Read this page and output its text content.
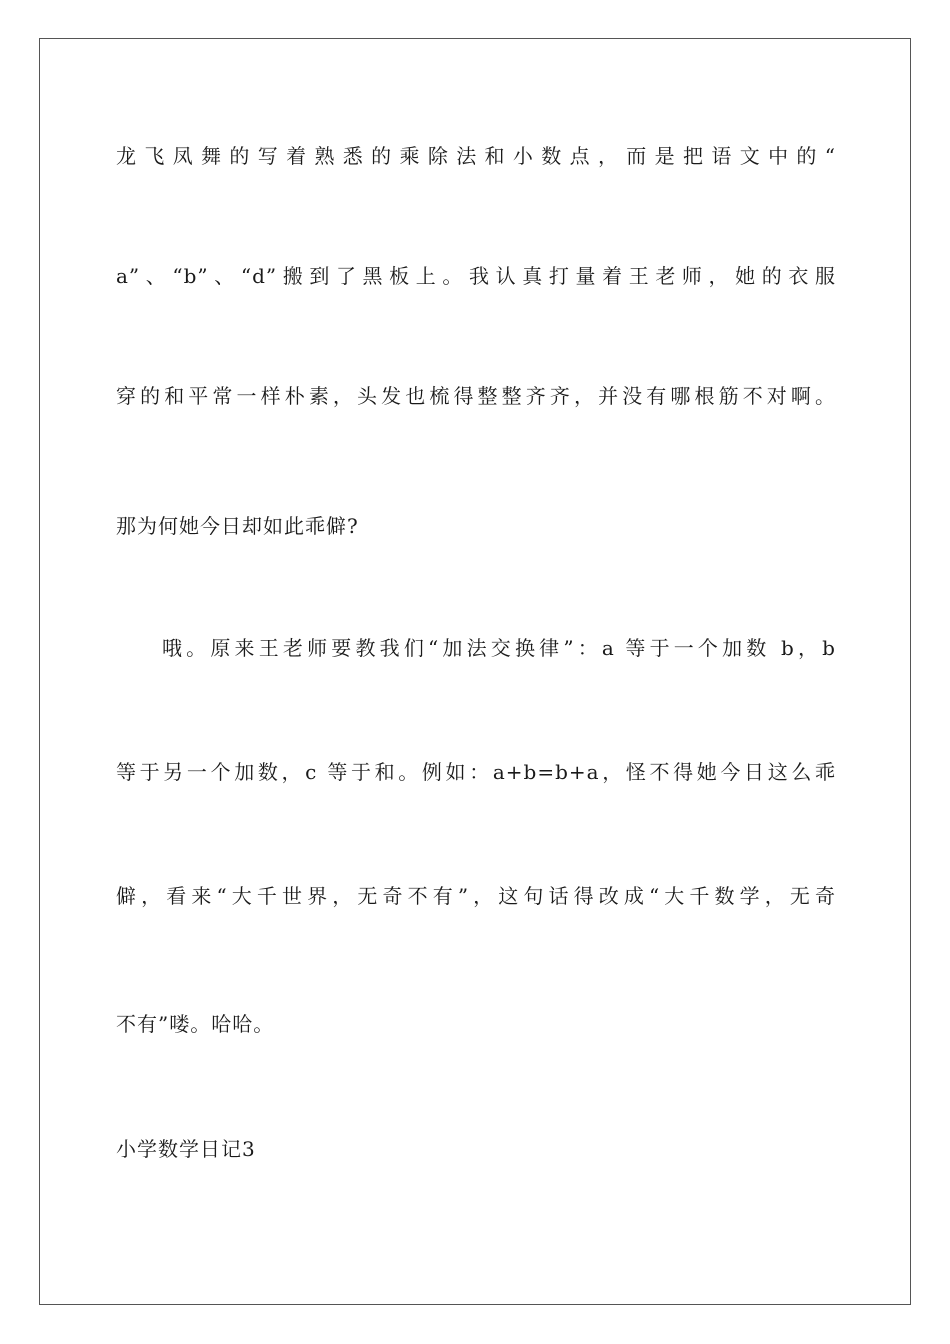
龙飞凤舞的写着熟悉的乘除法和小数点，而是把语文中的“
a”、“b”、“d”搬到了黑板上。我认真打量着王老师，她的衣服
穿的和平常一样朴素，头发也梳得整整齐齐，并没有哪根筋不对啊。
那为何她今日却如此乖僻?
哦。原来王老师要教我们“加法交换律”：a 等于一个加数 b，b
等于另一个加数，c 等于和。例如：a+b=b+a，怪不得她今日这么乖
僻，看来“大千世界，无奇不有”，这句话得改成“大千数学，无奇
不有”喽。哈哈。
小学数学日记3
